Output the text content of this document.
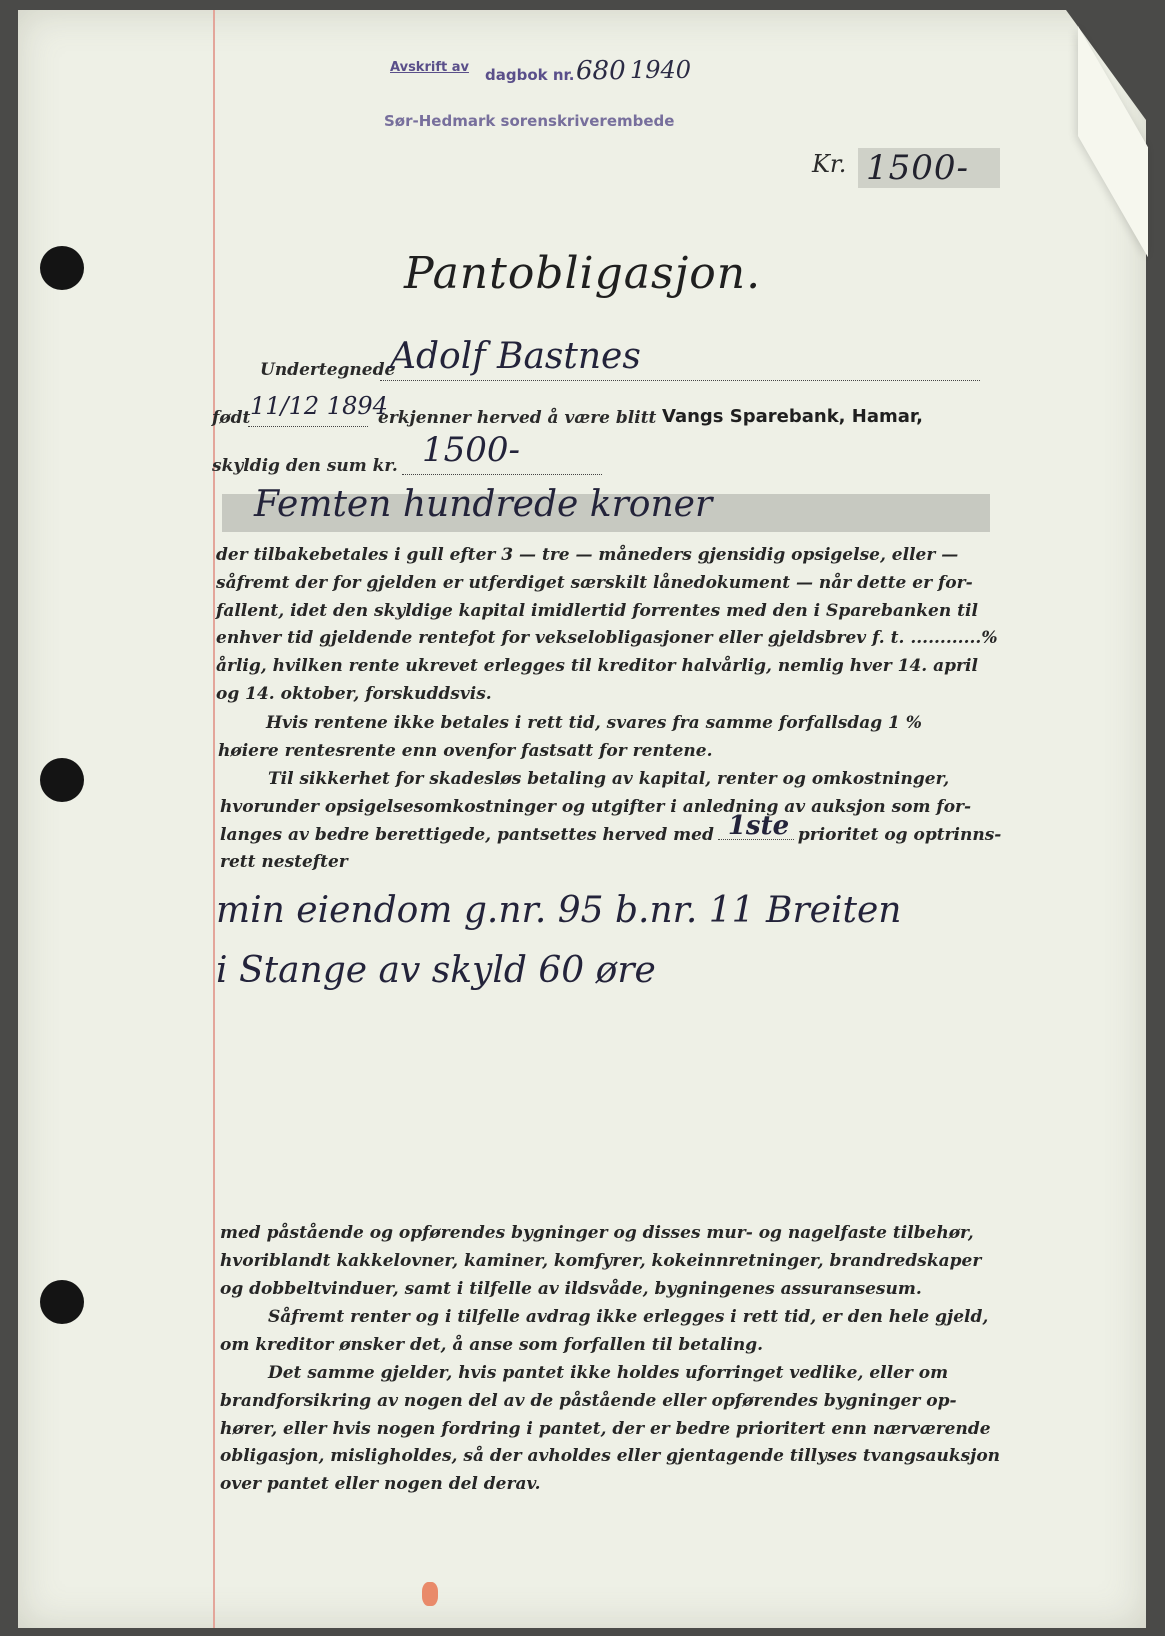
Avskrift av dagbok nr. 680 1940
Sør-Hedmark sorenskriverembede
Kr. 1500-
Pantobligasjon.
Undertegnede
Adolf Bastnes
født 11/12 1894
erkjenner herved å være blitt Vangs Sparebank, Hamar,
skyldig den sum kr. 1500-
Femten hundrede kroner
der tilbakebetales i gull efter 3 — tre — måneders gjensidig opsigelse, eller —
såfremt der for gjelden er utferdiget særskilt lånedokument — når dette er for-
fallent, idet den skyldige kapital imidlertid forrentes med den i Sparebanken til
enhver tid gjeldende rentefot for vekselobligasjoner eller gjeldsbrev f. t. ............%
årlig, hvilken rente ukrevet erlegges til kreditor halvårlig, nemlig hver 14. april
og 14. oktober, forskuddsvis.
Hvis rentene ikke betales i rett tid, svares fra samme forfallsdag 1 %
høiere rentesrente enn ovenfor fastsatt for rentene.
Til sikkerhet for skadesløs betaling av kapital, renter og omkostninger,
hvorunder opsigelsesomkostninger og utgifter i anledning av auksjon som for-
langes av bedre berettigede, pantsettes herved med 1ste prioritet og optrinns-
rett nestefter
min eiendom g.nr. 95 b.nr. 11 Breiten
i Stange av skyld 60 øre
med påstående og opførendes bygninger og disses mur- og nagelfaste tilbehør,
hvoriblandt kakkelovner, kaminer, komfyrer, kokeinnretninger, brandredskaper
og dobbeltvinduer, samt i tilfelle av ildsvåde, bygningenes assuransesum.
Såfremt renter og i tilfelle avdrag ikke erlegges i rett tid, er den hele gjeld,
om kreditor ønsker det, å anse som forfallen til betaling.
Det samme gjelder, hvis pantet ikke holdes uforringet vedlike, eller om
brandforsikring av nogen del av de påstående eller opførendes bygninger op-
hører, eller hvis nogen fordring i pantet, der er bedre prioritert enn nærværende
obligasjon, misligholdes, så der avholdes eller gjentagende tillyses tvangsauksjon
over pantet eller nogen del derav.
